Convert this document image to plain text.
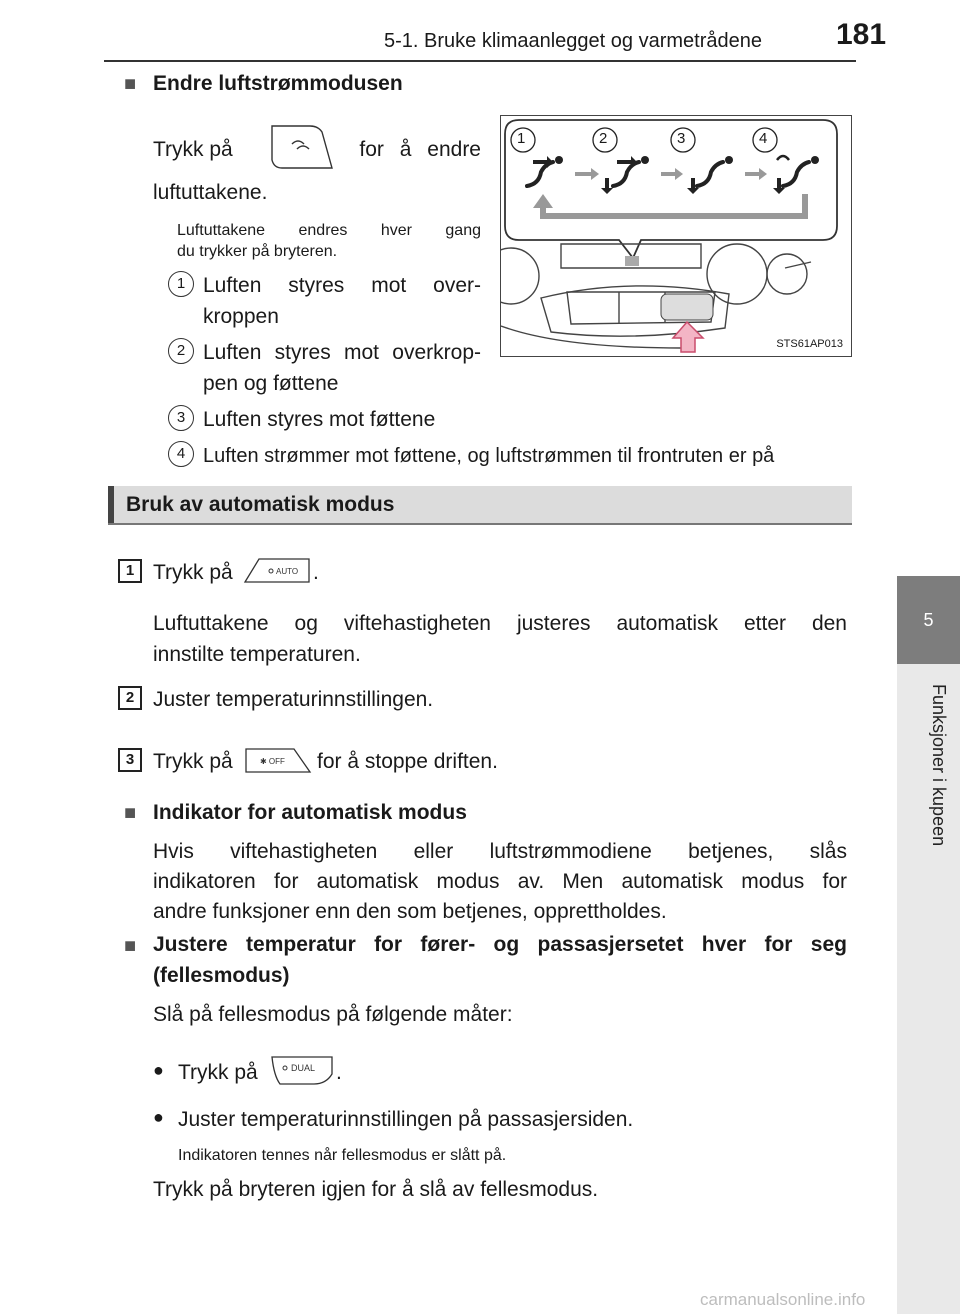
5-1. Bruke klimaanlegget og varmetrådene 181
5
Funksjoner i kupeen
■ Endre luftstrømmodusen
Trykk på	for å endre
luftuttakene.
Luftuttakene endres hver gang
du trykker på bryteren.
1 Luften styres mot over-
kroppen
2 Luften styres mot overkrop-
pen og føttene
3 Luften styres mot føttene
4 Luften strømmer mot føttene, og luftstrømmen til frontruten er på
1	2	3	4
STS61AP013
Bruk av automatisk modus
1 Trykk på	AUTO .
Luftuttakene og viftehastigheten justeres automatisk etter den
innstilte temperaturen.
2 Juster temperaturinnstillingen.
3 Trykk på	✱ OFF for å stoppe driften.
■ Indikator for automatisk modus
Hvis viftehastigheten eller luftstrømmodiene betjenes, slås
indikatoren for automatisk modus av. Men automatisk modus for
andre funksjoner enn den som betjenes, opprettholdes.
■ Justere temperatur for fører- og passasjersetet hver for seg
(fellesmodus)
Slå på fellesmodus på følgende måter:
● Trykk på	DUAL .
● Juster temperaturinnstillingen på passasjersiden.
Indikatoren tennes når fellesmodus er slått på.
Trykk på bryteren igjen for å slå av fellesmodus.
carmanualsonline.info
